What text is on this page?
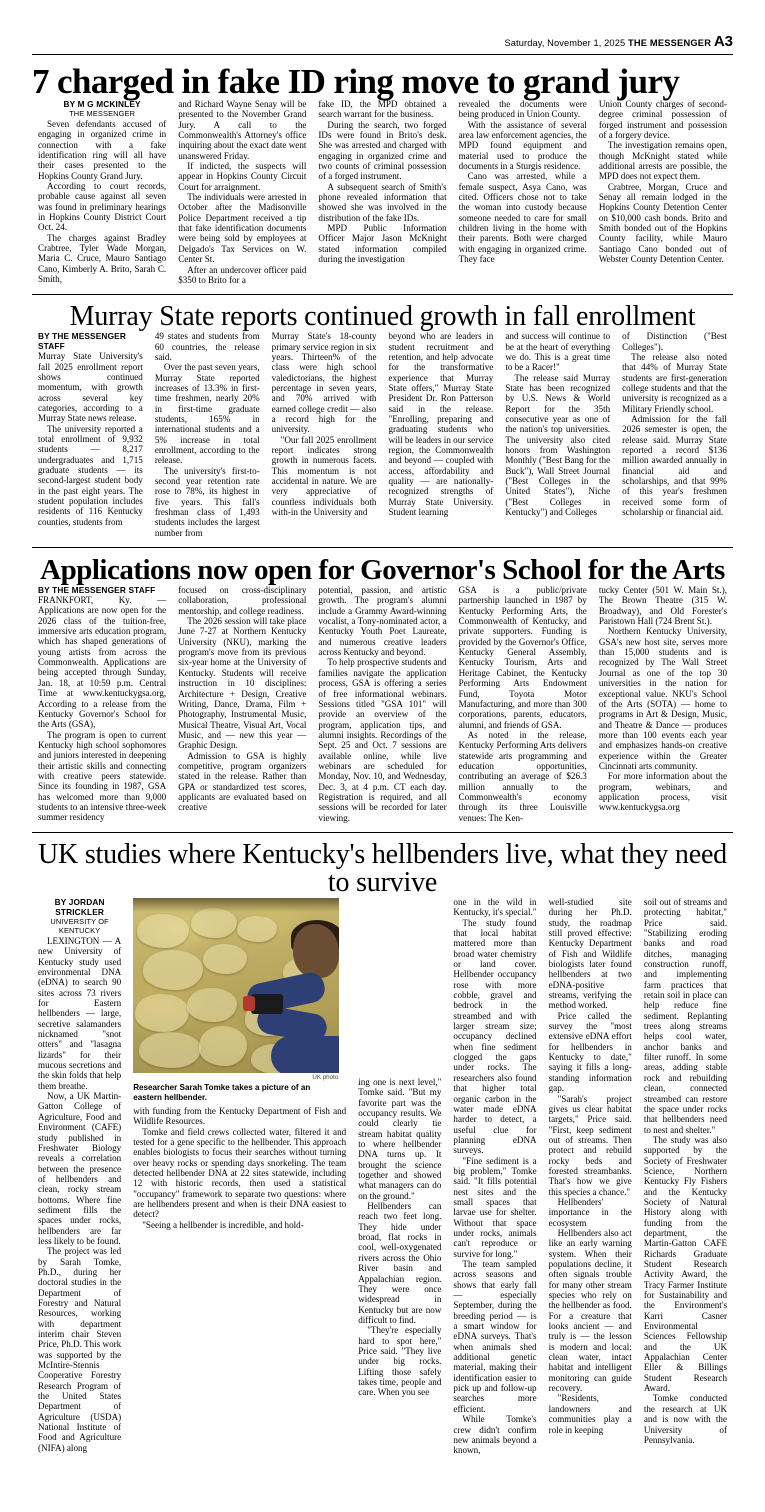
Saturday, November 1, 2025 THE MESSENGER A3
7 charged in fake ID ring move to grand jury
BY M G MCKINLEY
THE MESSENGER

Seven defendants accused of engaging in organized crime in connection with a fake identification ring will all have their cases presented to the Hopkins County Grand Jury.

According to court records, probable cause against all seven was found in preliminary hearings in Hopkins County District Court Oct. 24.

The charges against Bradley Crabtree, Tyler Wade Morgan, Maria C. Cruce, Mauro Santiago Cano, Kimberly A. Brito, Sarah C. Smith,

and Richard Wayne Senay will be presented to the November Grand Jury. A call to the Commonwealth's Attorney's office inquiring about the exact date went unanswered Friday.

If indicted, the suspects will appear in Hopkins County Circuit Court for arraignment.

The individuals were arrested in October after the Madisonville Police Department received a tip that fake identification documents were being sold by employees at Delgado's Tax Services on W. Center St.

After an undercover officer paid $350 to Brito for a

fake ID, the MPD obtained a search warrant for the business.

During the search, two forged IDs were found in Brito's desk. She was arrested and charged with engaging in organized crime and two counts of criminal possession of a forged instrument.

A subsequent search of Smith's phone revealed information that showed she was involved in the distribution of the fake IDs.

MPD Public Information Officer Major Jason McKnight stated information compiled during the investigation

revealed the documents were being produced in Union County.

With the assistance of several area law enforcement agencies, the MPD found equipment and material used to produce the documents in a Sturgis residence.

Cano was arrested, while a female suspect, Asya Cano, was cited. Officers chose not to take the woman into custody because someone needed to care for small children living in the home with their parents. Both were charged with engaging in organized crime. They face

Union County charges of second-degree criminal possession of forged instrument and possession of a forgery device.

The investigation remains open, though McKnight stated while additional arrests are possible, the MPD does not expect them.

Crabtree, Morgan, Cruce and Senay all remain lodged in the Hopkins County Detention Center on $10,000 cash bonds. Brito and Smith bonded out of the Hopkins County facility, while Mauro Santiago Cano bonded out of Webster County Detention Center.

Murray State reports continued growth in fall enrollment
BY THE MESSENGER STAFF

Murray State University's fall 2025 enrollment report shows continued momentum, with growth across several key categories, according to a Murray State news release.

The university reported a total enrollment of 9,932 students — 8,217 undergraduates and 1,715 graduate students — its second-largest student body in the past eight years. The student population includes residents of 116 Kentucky counties, students from

49 states and students from 60 countries, the release said.

Over the past seven years, Murray State reported increases of 13.3% in first-time freshmen, nearly 20% in first-time graduate students, 165% in international students and a 5% increase in total enrollment, according to the release.

The university's first-to-second year retention rate rose to 78%, its highest in five years. This fall's freshman class of 1,493 students includes the largest number from

Murray State's 18-county primary service region in six years. Thirteen% of the class were high school valedictorians, the highest percentage in seven years, and 70% arrived with earned college credit — also a record high for the university.

"Our fall 2025 enrollment report indicates strong growth in numerous facets. This momentum is not accidental in nature. We are very appreciative of countless individuals both with-in the University and

beyond who are leaders in student recruitment and retention, and help advocate for the transformative experience that Murray State offers," Murray State President Dr. Ron Patterson said in the release. "Enrolling, preparing and graduating students who will be leaders in our service region, the Commonwealth and beyond — coupled with access, affordability and quality — are nationally-recognized strengths of Murray State University. Student learning

and success will continue to be at the heart of everything we do. This is a great time to be a Racer!"

The release said Murray State has been recognized by U.S. News & World Report for the 35th consecutive year as one of the nation's top universities. The university also cited honors from Washington Monthly ("Best Bang for the Buck"), Wall Street Journal ("Best Colleges in the United States"), Niche ("Best Colleges in Kentucky") and Colleges

of Distinction ("Best Colleges").

The release also noted that 44% of Murray State students are first-generation college students and that the university is recognized as a Military Friendly school.

Admission for the fall 2026 semester is open, the release said. Murray State reported a record $136 million awarded annually in financial aid and scholarships, and that 99% of this year's freshmen received some form of scholarship or financial aid.

Applications now open for Governor's School for the Arts
BY THE MESSENGER STAFF

FRANKFORT, Ky. — Applications are now open for the 2026 class of the tuition-free, immersive arts education program, which has shaped generations of young artists from across the Commonwealth. Applications are being accepted through Sunday, Jan. 18, at 10:59 p.m. Central Time at www.kentuckygsa.org, According to a release from the Kentucky Governor's School for the Arts (GSA),

The program is open to current Kentucky high school sophomores and juniors interested in deepening their artistic skills and connecting with creative peers statewide. Since its founding in 1987, GSA has welcomed more than 9,000 students to an intensive three-week summer residency

focused on cross-disciplinary collaboration, professional mentorship, and college readiness.

The 2026 session will take place June 7-27 at Northern Kentucky University (NKU), marking the program's move from its previous six-year home at the University of Kentucky. Students will receive instruction in 10 disciplines: Architecture + Design, Creative Writing, Dance, Drama, Film + Photography, Instrumental Music, Musical Theatre, Visual Art, Vocal Music, and — new this year — Graphic Design.

Admission to GSA is highly competitive, program organizers stated in the release. Rather than GPA or standardized test scores, applicants are evaluated based on creative

potential, passion, and artistic growth. The program's alumni include a Grammy Award-winning vocalist, a Tony-nominated actor, a Kentucky Youth Poet Laureate, and numerous creative leaders across Kentucky and beyond.

To help prospective students and families navigate the application process, GSA is offering a series of free informational webinars. Sessions titled "GSA 101" will provide an overview of the program, application tips, and alumni insights. Recordings of the Sept. 25 and Oct. 7 sessions are available online, while live webinars are scheduled for Monday, Nov. 10, and Wednesday, Dec. 3, at 4 p.m. CT each day. Registration is required, and all sessions will be recorded for later viewing.

GSA is a public/private partnership launched in 1987 by Kentucky Performing Arts, the Commonwealth of Kentucky, and private supporters. Funding is provided by the Governor's Office, Kentucky General Assembly, Kentucky Tourism, Arts and Heritage Cabinet, the Kentucky Performing Arts Endowment Fund, Toyota Motor Manufacturing, and more than 300 corporations, parents, educators, alumni, and friends of GSA.

As noted in the release, Kentucky Performing Arts delivers statewide arts programming and education opportunities, contributing an average of $26.3 million annually to the Commonwealth's economy through its three Louisville venues: The Ken-

tucky Center (501 W. Main St.), The Brown Theatre (315 W. Broadway), and Old Forester's Paristown Hall (724 Brent St.).

Northern Kentucky University, GSA's new host site, serves more than 15,000 students and is recognized by The Wall Street Journal as one of the top 30 universities in the nation for exceptional value. NKU's School of the Arts (SOTA) — home to programs in Art & Design, Music, and Theatre & Dance — produces more than 100 events each year and emphasizes hands-on creative experience within the Greater Cincinnati arts community.

For more information about the program, webinars, and application process, visit www.kentuckygsa.org

UK studies where Kentucky's hellbenders live, what they need to survive
BY JORDAN STRICKLER
UNIVERSITY OF KENTUCKY

LEXINGTON — A new University of Kentucky study used environmental DNA (eDNA) to search 90 sites across 73 rivers for Eastern hellbenders — large, secretive salamanders nicknamed "snot otters" and "lasagna lizards" for their mucous secretions and the skin folds that help them breathe.

Now, a UK Martin-Gatton College of Agriculture, Food and Environment (CAFE) study published in Freshwater Biology reveals a correlation between the presence of hellbenders and clean, rocky stream bottoms. Where fine sediment fills the spaces under rocks, hellbenders are far less likely to be found.

The project was led by Sarah Tomke, Ph.D., during her doctoral studies in the Department of Forestry and Natural Resources, working with department interim chair Steven Price, Ph.D. This work was supported by the McIntire-Stennis Cooperative Forestry Research Program of the United States Department of Agriculture (USDA) National Institute of Food and Agriculture (NIFA) along

UK photo
Researcher Sarah Tomke takes a picture of an eastern hellbender.

with funding from the Kentucky Department of Fish and Wildlife Resources.

Tomke and field crews collected water, filtered it and tested for a gene specific to the hellbender. This approach enables biologists to focus their searches without turning over heavy rocks or spending days snorkeling. The team detected hellbender DNA at 22 sites statewide, including 12 with historic records, then used a statistical "occupancy" framework to separate two questions: where are hellbenders present and when is their DNA easiest to detect?

"Seeing a hellbender is incredible, and hold-

ing one is next level," Tomke said. "But my favorite part was the occupancy results. We could clearly tie stream habitat quality to where hellbender DNA turns up. It brought the science together and showed what managers can do on the ground."

Hellbenders can reach two feet long. They hide under broad, flat rocks in cool, well-oxygenated rivers across the Ohio River basin and Appalachian region. They were once widespread in Kentucky but are now difficult to find.

"They're especially hard to spot here," Price said. "They live under big rocks. Lifting those safely takes time, people and care. When you see

one in the wild in Kentucky, it's special."

The study found that local habitat mattered more than broad water chemistry or land cover. Hellbender occupancy rose with more cobble, gravel and bedrock in the streambed and with larger stream size; occupancy declined when fine sediment clogged the gaps under rocks. The researchers also found that higher total organic carbon in the water made eDNA harder to detect, a useful clue for planning eDNA surveys.

"Fine sediment is a big problem," Tomke said. "It fills potential nest sites and the small spaces that larvae use for shelter. Without that space under rocks, animals can't reproduce or survive for long."

The team sampled across seasons and shows that early fall — especially September, during the breeding period — is a smart window for eDNA surveys. That's when animals shed additional genetic material, making their identification easier to pick up and follow-up searches more efficient.

While Tomke's crew didn't confirm new animals beyond a known,

well-studied site during her Ph.D. study, the roadmap still proved effective: Kentucky Department of Fish and Wildlife biologists later found hellbenders at two eDNA-positive streams, verifying the method worked.

Price called the survey the "most extensive eDNA effort for hellbenders in Kentucky to date," saying it fills a long-standing information gap.

"Sarah's project gives us clear habitat targets," Price said. "First, keep sediment out of streams. Then protect and rebuild rocky beds and forested streambanks. That's how we give this species a chance."

Hellbenders' importance in the ecosystem

Hellbenders also act like an early warning system. When their populations decline, it often signals trouble for many other stream species who rely on the hellbender as food. For a creature that looks ancient — and truly is — the lesson is modern and local: clean water, intact habitat and intelligent monitoring can guide recovery.

"Residents, landowners and communities play a role in keeping

soil out of streams and protecting habitat," Price said. "Stabilizing eroding banks and road ditches, managing construction runoff, and implementing farm practices that retain soil in place can help reduce fine sediment. Replanting trees along streams helps cool water, anchor banks and filter runoff. In some areas, adding stable rock and rebuilding clean, connected streambed can restore the space under rocks that hellbenders need to nest and shelter."

The study was also supported by the Society of Freshwater Science, Northern Kentucky Fly Fishers and the Kentucky Society of Natural History along with funding from the department, the Martin-Gatton CAFE Richards Graduate Student Research Activity Award, the Tracy Farmer Institute for Sustainability and the Environment's Karri Casner Environmental Sciences Fellowship and the UK Appalachian Center Eller & Billings Student Research Award.

Tomke conducted the research at UK and is now with the University of Pennsylvania.
